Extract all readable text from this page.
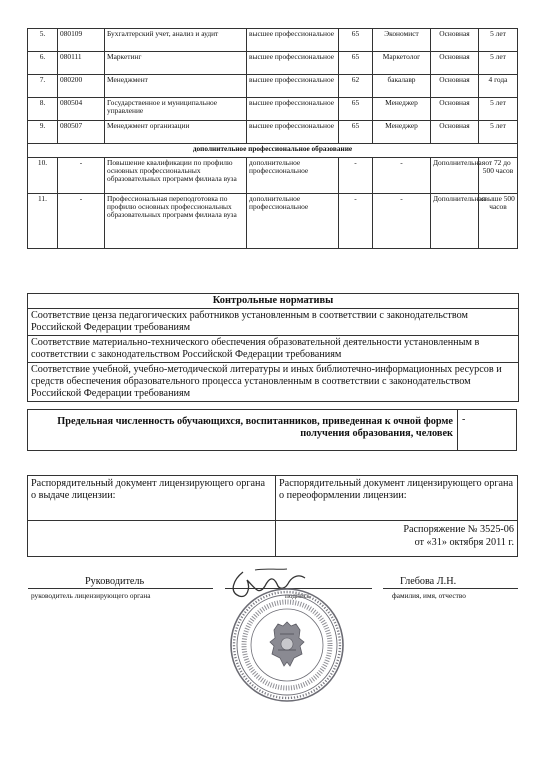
5.	080109	Бухгалтерский учет, анализ и аудит	высшее профессиональное	65	Экономист	Основная	5 лет
6.	080111	Маркетинг	высшее профессиональное	65	Маркетолог	Основная	5 лет
7.	080200	Менеджмент	высшее профессиональное	62	бакалавр	Основная	4 года
8.	080504	Государственное и муниципальное управление	высшее профессиональное	65	Менеджер	Основная	5 лет
9.	080507	Менеджмент организации	высшее профессиональное	65	Менеджер	Основная	5 лет
дополнительное профессиональное образование							
10.	-	Повышение квалификации по профилю основных профессиональных образовательных программ филиала вуза	дополнительное профессиональное	-	-	Дополнительная	от 72 до 500 часов
11.	-	Профессиональная переподготовка по профилю основных профессиональных образовательных программ филиала вуза	дополнительное профессиональное	-	-	Дополнительная	свыше 500 часов
Контрольные нормативы
Соответствие ценза педагогических работников установленным в соответствии с законодательством Российской Федерации требованиям
Соответствие материально-технического обеспечения образовательной деятельности установленным в соответствии с законодательством Российской Федерации требованиям
Соответствие учебной, учебно-методической литературы и иных библиотечно-информационных ресурсов и средств обеспечения образовательного процесса установленным в соответствии с законодательством Российской Федерации требованиям
Предельная численность обучающихся, воспитанников, приведенная к очной форме получения образования, человек
-
Распорядительный документ лицензирующего органа о выдаче лицензии:	Распорядительный документ лицензирующего органа о переоформлении лицензии:

	Распоряжение № 3525-06
от «31» октября 2011 г.
Руководитель
руководитель лицензирующего органа	подпись
Глебова Л.Н.
фамилия, имя, отчество
